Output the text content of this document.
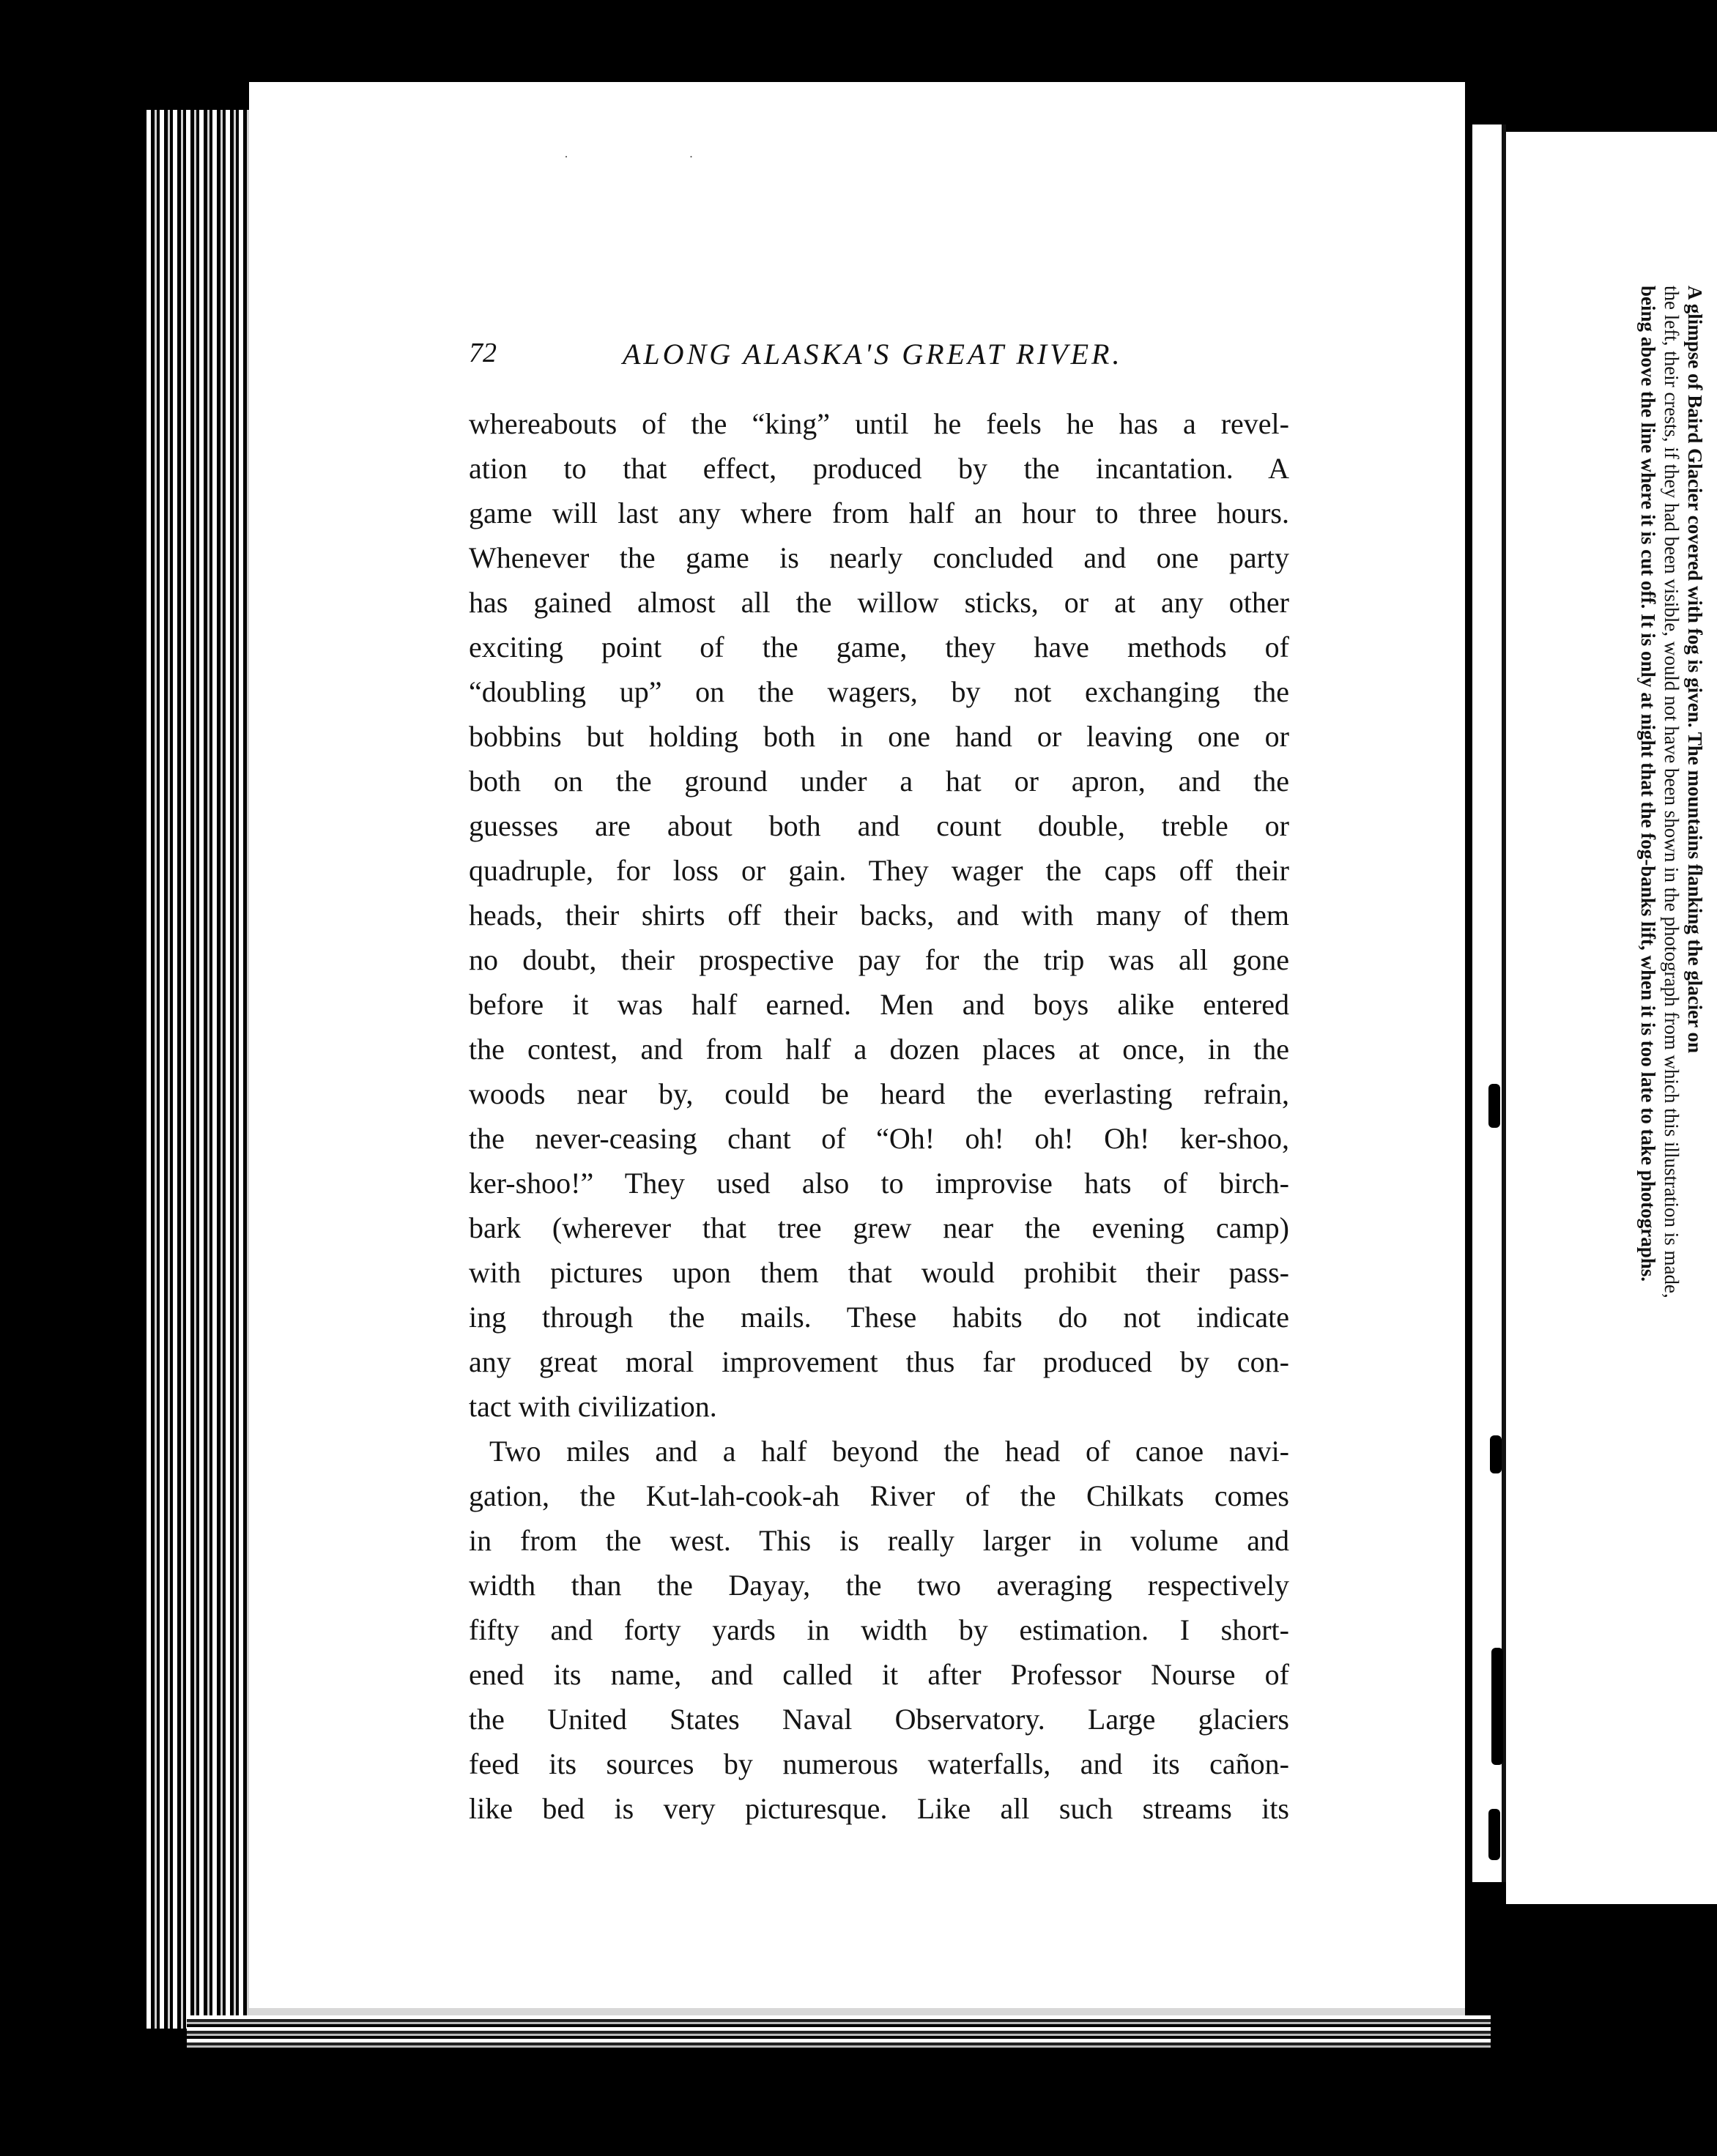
· ·
72	ALONG ALASKA'S GREAT RIVER.
whereabouts of the “king” until he feels he has a revel-
ation to that effect, produced by the incantation. A
game will last any where from half an hour to three hours.
Whenever the game is nearly concluded and one party
has gained almost all the willow sticks, or at any other
exciting point of the game, they have methods of
“doubling up” on the wagers, by not exchanging the
bobbins but holding both in one hand or leaving one or
both on the ground under a hat or apron, and the
guesses are about both and count double, treble or
quadruple, for loss or gain. They wager the caps off their
heads, their shirts off their backs, and with many of them
no doubt, their prospective pay for the trip was all gone
before it was half earned. Men and boys alike entered
the contest, and from half a dozen places at once, in the
woods near by, could be heard the everlasting refrain,
the never-ceasing chant of “Oh! oh! oh! Oh! ker-shoo,
ker-shoo!” They used also to improvise hats of birch-
bark (wherever that tree grew near the evening camp)
with pictures upon them that would prohibit their pass-
ing through the mails. These habits do not indicate
any great moral improvement thus far produced by con-
tact with civilization.
Two miles and a half beyond the head of canoe navi-
gation, the Kut-lah-cook-ah River of the Chilkats comes
in from the west. This is really larger in volume and
width than the Dayay, the two averaging respectively
fifty and forty yards in width by estimation. I short-
ened its name, and called it after Professor Nourse of
the United States Naval Observatory. Large glaciers
feed its sources by numerous waterfalls, and its cañon-
like bed is very picturesque. Like all such streams its
A glimpse of Baird Glacier covered with fog is given. The mountains flanking the glacier on
the left, their crests, if they had been visible, would not have been shown in the photograph from which this illustration is made,
being above the line where it is cut off. It is only at night that the fog-banks lift, when it is too late to take photographs.
